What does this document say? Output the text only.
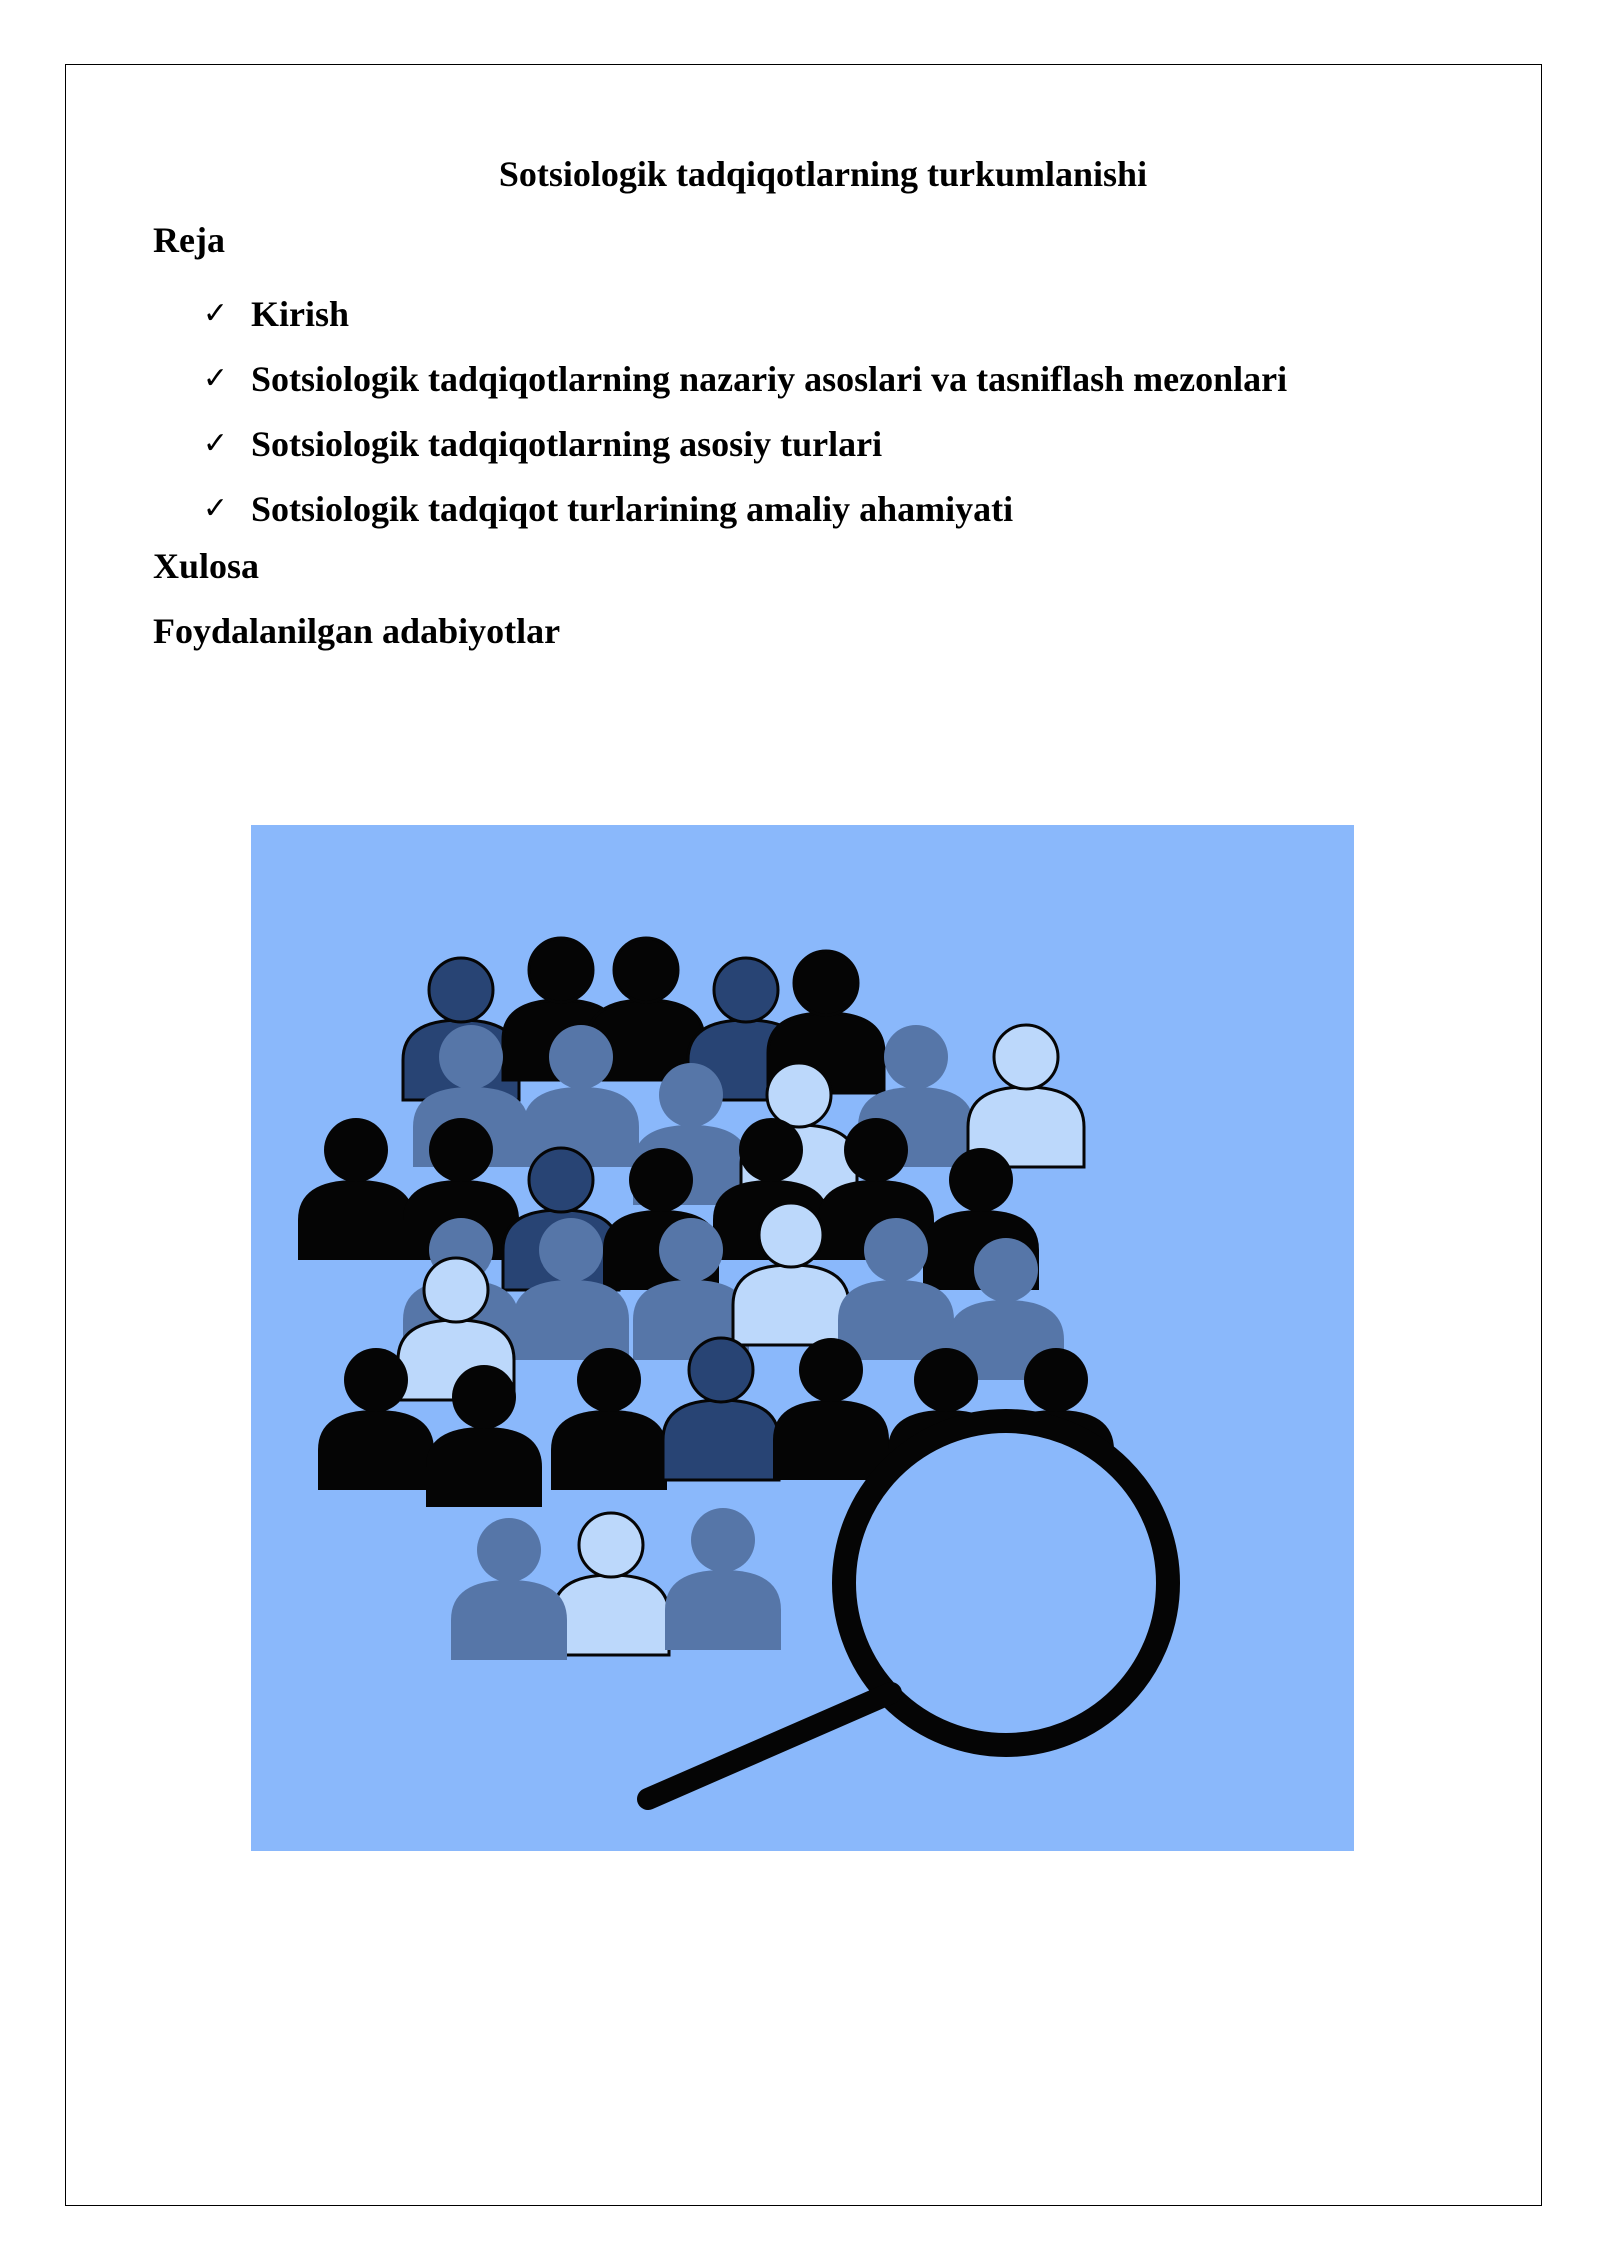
Sotsiologik tadqiqotlarning turkumlanishi
Reja
✓ Kirish
✓ Sotsiologik tadqiqotlarning nazariy asoslari va tasniflash mezonlari
✓ Sotsiologik tadqiqotlarning asosiy turlari
✓ Sotsiologik tadqiqot turlarining amaliy ahamiyati
Xulosa
Foydalanilgan adabiyotlar
